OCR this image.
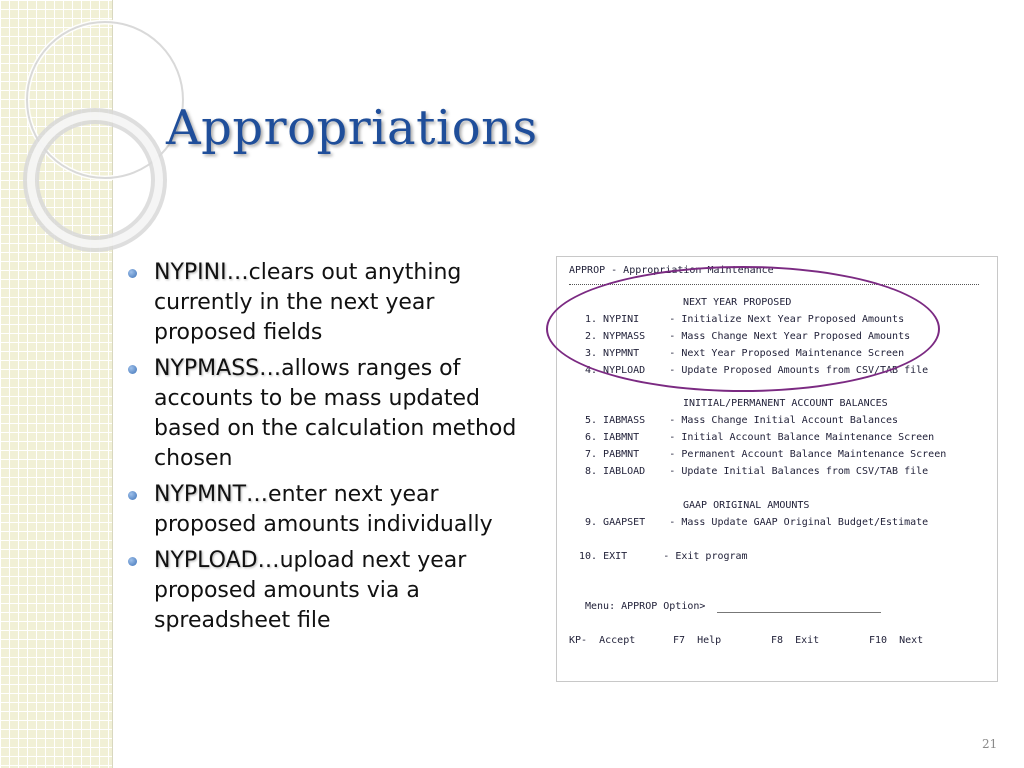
Appropriations
NYPINI…clears out anything currently in the next year proposed fields
NYPMASS…allows ranges of accounts to be mass updated based on the calculation method chosen
NYPMNT…enter next year proposed amounts individually
NYPLOAD…upload next year proposed amounts via a spreadsheet file
APPROP - Appropriation Maintenance
NEXT YEAR PROPOSED
1. NYPINI     - Initialize Next Year Proposed Amounts
2. NYPMASS    - Mass Change Next Year Proposed Amounts
3. NYPMNT     - Next Year Proposed Maintenance Screen
4. NYPLOAD    - Update Proposed Amounts from CSV/TAB file
INITIAL/PERMANENT ACCOUNT BALANCES
5. IABMASS    - Mass Change Initial Account Balances
6. IABMNT     - Initial Account Balance Maintenance Screen
7. PABMNT     - Permanent Account Balance Maintenance Screen
8. IABLOAD    - Update Initial Balances from CSV/TAB file
GAAP ORIGINAL AMOUNTS
9. GAAPSET    - Mass Update GAAP Original Budget/Estimate
10. EXIT      - Exit program
Menu: APPROP Option>
KP- Accept	F7 Help	F8 Exit	F10 Next
21
